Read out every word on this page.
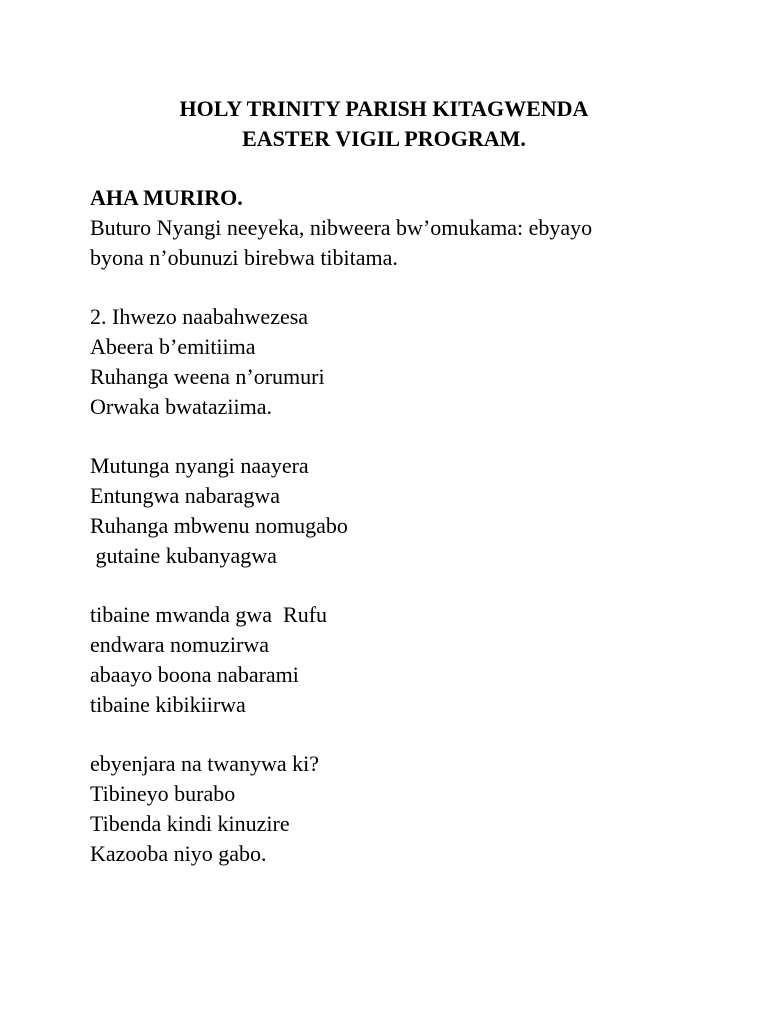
HOLY TRINITY PARISH KITAGWENDA

EASTER VIGIL PROGRAM.

AHA MURIRO.
Buturo Nyangi neeyeka, nibweera bw’omukama: ebyayo
byona n’obunuzi birebwa tibitama.
2. Ihwezo naabahwezesa
Abeera b’emitiima
Ruhanga weena n’orumuri
Orwaka bwataziima.
Mutunga nyangi naayera
Entungwa nabaragwa
Ruhanga mbwenu nomugabo
gutaine kubanyagwa
tibaine mwanda gwa  Rufu
endwara nomuzirwa
abaayo boona nabarami
tibaine kibikiirwa
ebyenjara na twanywa ki?
Tibineyo burabo
Tibenda kindi kinuzire
Kazooba niyo gabo.
